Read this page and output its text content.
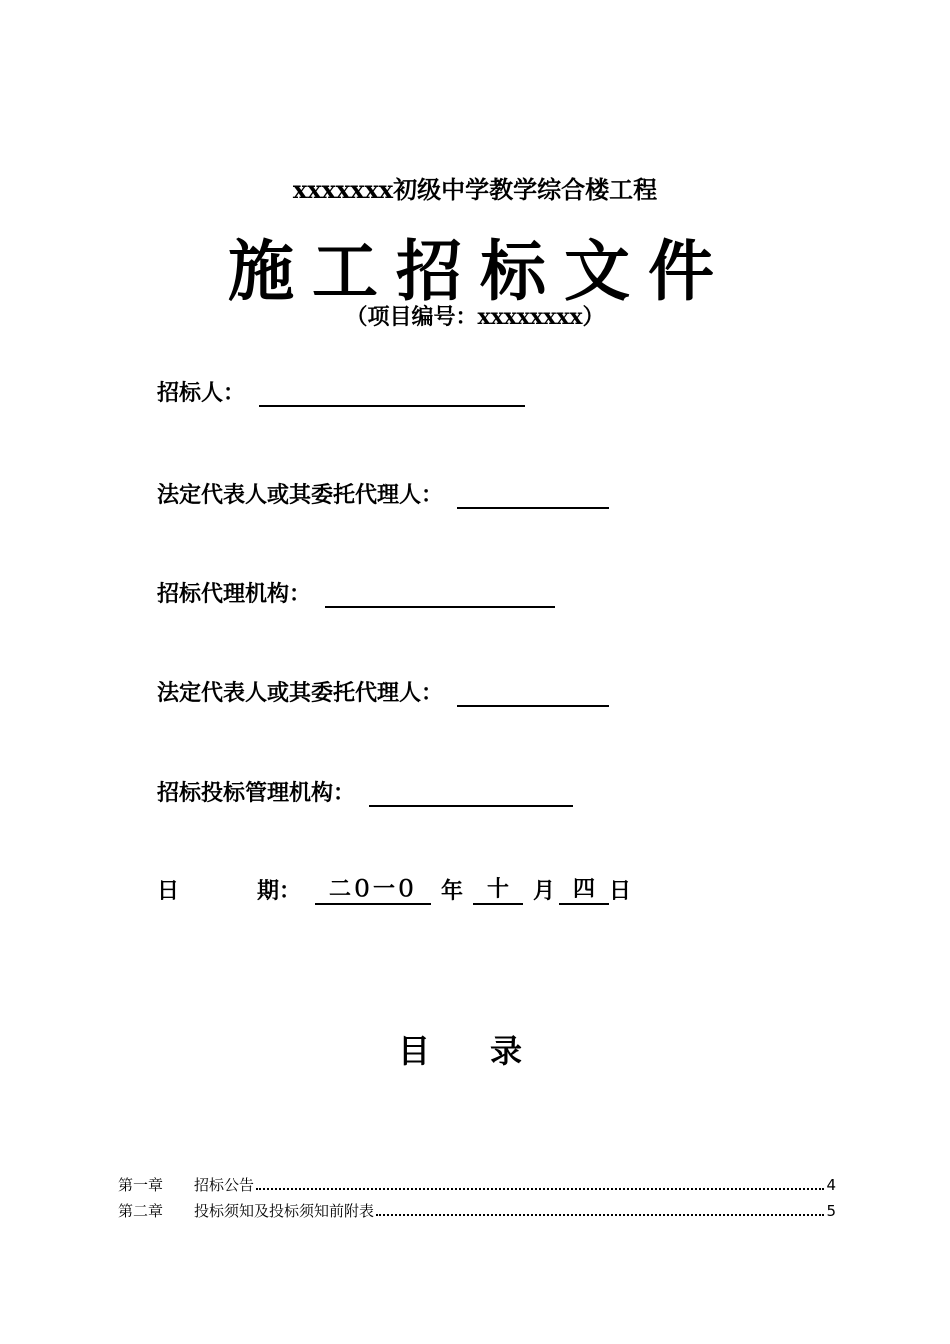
xxxxxxx初级中学教学综合楼工程
施工招标文件
（项目编号：xxxxxxxx）
招标人：
法定代表人或其委托代理人：
招标代理机构：
法定代表人或其委托代理人：
招标投标管理机构：
日	期：	二０一０	年	十	月 四 日
目录
第一章	招标公告	4
第二章	投标须知及投标须知前附表	5
